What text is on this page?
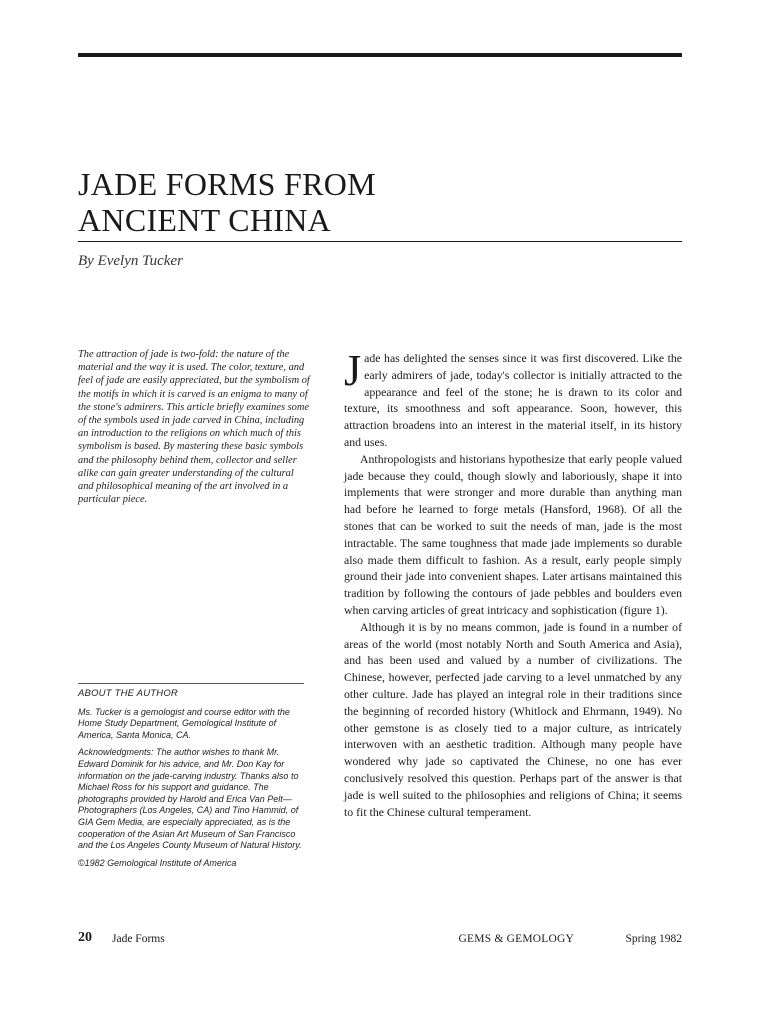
JADE FORMS FROM
ANCIENT CHINA
By Evelyn Tucker

The attraction of jade is two-fold: the nature of the material and the way it is used. The color, texture, and feel of jade are easily appreciated, but the symbolism of the motifs in which it is carved is an enigma to many of the stone's admirers. This article briefly examines some of the symbols used in jade carved in China, including an introduction to the religions on which much of this symbolism is based. By mastering these basic symbols and the philosophy behind them, collector and seller alike can gain greater understanding of the cultural and philosophical meaning of the art involved in a particular piece.

ABOUT THE AUTHOR

Ms. Tucker is a gemologist and course editor with the Home Study Department, Gemological Institute of America, Santa Monica, CA.

Acknowledgments: The author wishes to thank Mr. Edward Dominik for his advice, and Mr. Don Kay for information on the jade-carving industry. Thanks also to Michael Ross for his support and guidance. The photographs provided by Harold and Erica Van Pelt—Photographers (Los Angeles, CA) and Tino Hammid, of GIA Gem Media, are especially appreciated, as is the cooperation of the Asian Art Museum of San Francisco and the Los Angeles County Museum of Natural History.

©1982 Gemological Institute of America

Jade has delighted the senses since it was first discovered. Like the early admirers of jade, today's collector is initially attracted to the appearance and feel of the stone; he is drawn to its color and texture, its smoothness and soft appearance. Soon, however, this attraction broadens into an interest in the material itself, in its history and uses.

Anthropologists and historians hypothesize that early people valued jade because they could, though slowly and laboriously, shape it into implements that were stronger and more durable than anything man had before he learned to forge metals (Hansford, 1968). Of all the stones that can be worked to suit the needs of man, jade is the most intractable. The same toughness that made jade implements so durable also made them difficult to fashion. As a result, early people simply ground their jade into convenient shapes. Later artisans maintained this tradition by following the contours of jade pebbles and boulders even when carving articles of great intricacy and sophistication (figure 1).

Although it is by no means common, jade is found in a number of areas of the world (most notably North and South America and Asia), and has been used and valued by a number of civilizations. The Chinese, however, perfected jade carving to a level unmatched by any other culture. Jade has played an integral role in their traditions since the beginning of recorded history (Whitlock and Ehrmann, 1949). No other gemstone is as closely tied to a major culture, as intricately interwoven with an aesthetic tradition. Although many people have wondered why jade so captivated the Chinese, no one has ever conclusively resolved this question. Perhaps part of the answer is that jade is well suited to the philosophies and religions of China; it seems to fit the Chinese cultural temperament.

20 Jade Forms	GEMS & GEMOLOGY	Spring 1982
